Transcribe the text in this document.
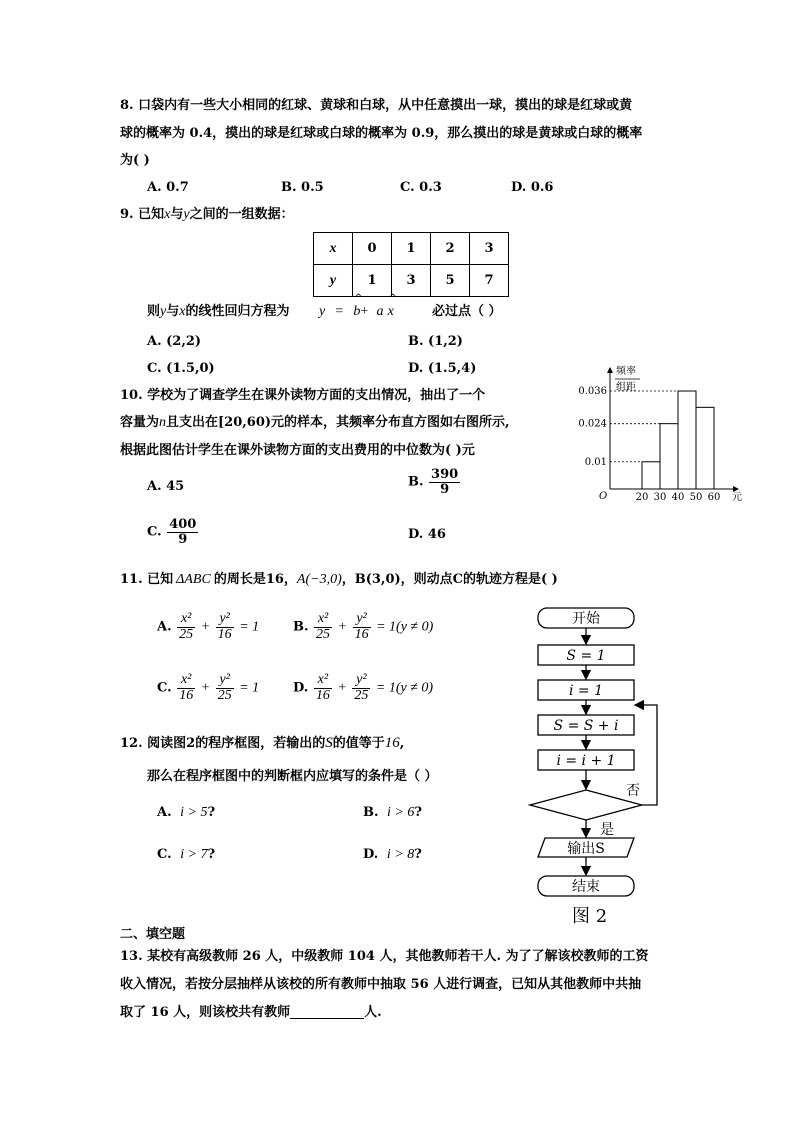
8. 口袋内有一些大小相同的红球、黄球和白球，从中任意摸出一球，摸出的球是红球或黄
球的概率为 0.4，摸出的球是红球或白球的概率为 0.9，那么摸出的球是黄球或白球的概率
为( )
A. 0.7	B. 0.5	C. 0.3	D. 0.6
9. 已知x与y之间的一组数据：
x	0	1	2	3
y	1	3	5	7
则y与x的线性回归方程为 y =
^
b+ a
^
x	必过点（ ）
A. (2,2)	B. (1,2)
C. (1.5,0)	D. (1.5,4)
10. 学校为了调查学生在课外读物方面的支出情况，抽出了一个
容量为n且支出在[20,60)元的样本，其频率分布直方图如右图所示,
根据此图估计学生在课外读物方面的支出费用的中位数为( )元
A. 45	B. $\frac{390}{9}$
C. $\frac{400}{9}$	D. 46
频率
组距
O	元
0.036
0.024
0.01
20 30 40 50 60
11. 已知 ΔABC 的周长是16，A(−3,0)，B(3,0)，则动点C的轨迹方程是( )
A. $\frac{\text{x²}}{25} + \frac{\text{y²}}{16} = 1$	B. $\frac{\text{x²}}{25} + \frac{\text{y²}}{16} = 1(y \ne 0)$
C. $\frac{\text{x²}}{16} + \frac{\text{y²}}{25} = 1$	D. $\frac{\text{x²}}{16} + \frac{\text{y²}}{25} = 1(y \ne 0)$
12. 阅读图2的程序框图，若输出的S的值等于16,
那么在程序框图中的判断框内应填写的条件是（ ）
A. i > 5?	B. i > 6?
C. i > 7?	D. i > 8?
开始
S = 1
i = 1
S = S + i
i = i + 1
输出S
结束
否
是
图 2
二、填空题
13. 某校有高级教师 26 人，中级教师 104 人，其他教师若干人. 为了了解该校教师的工资
收入情况，若按分层抽样从该校的所有教师中抽取 56 人进行调查，已知从其他教师中共抽
取了 16 人，则该校共有教师	人.
